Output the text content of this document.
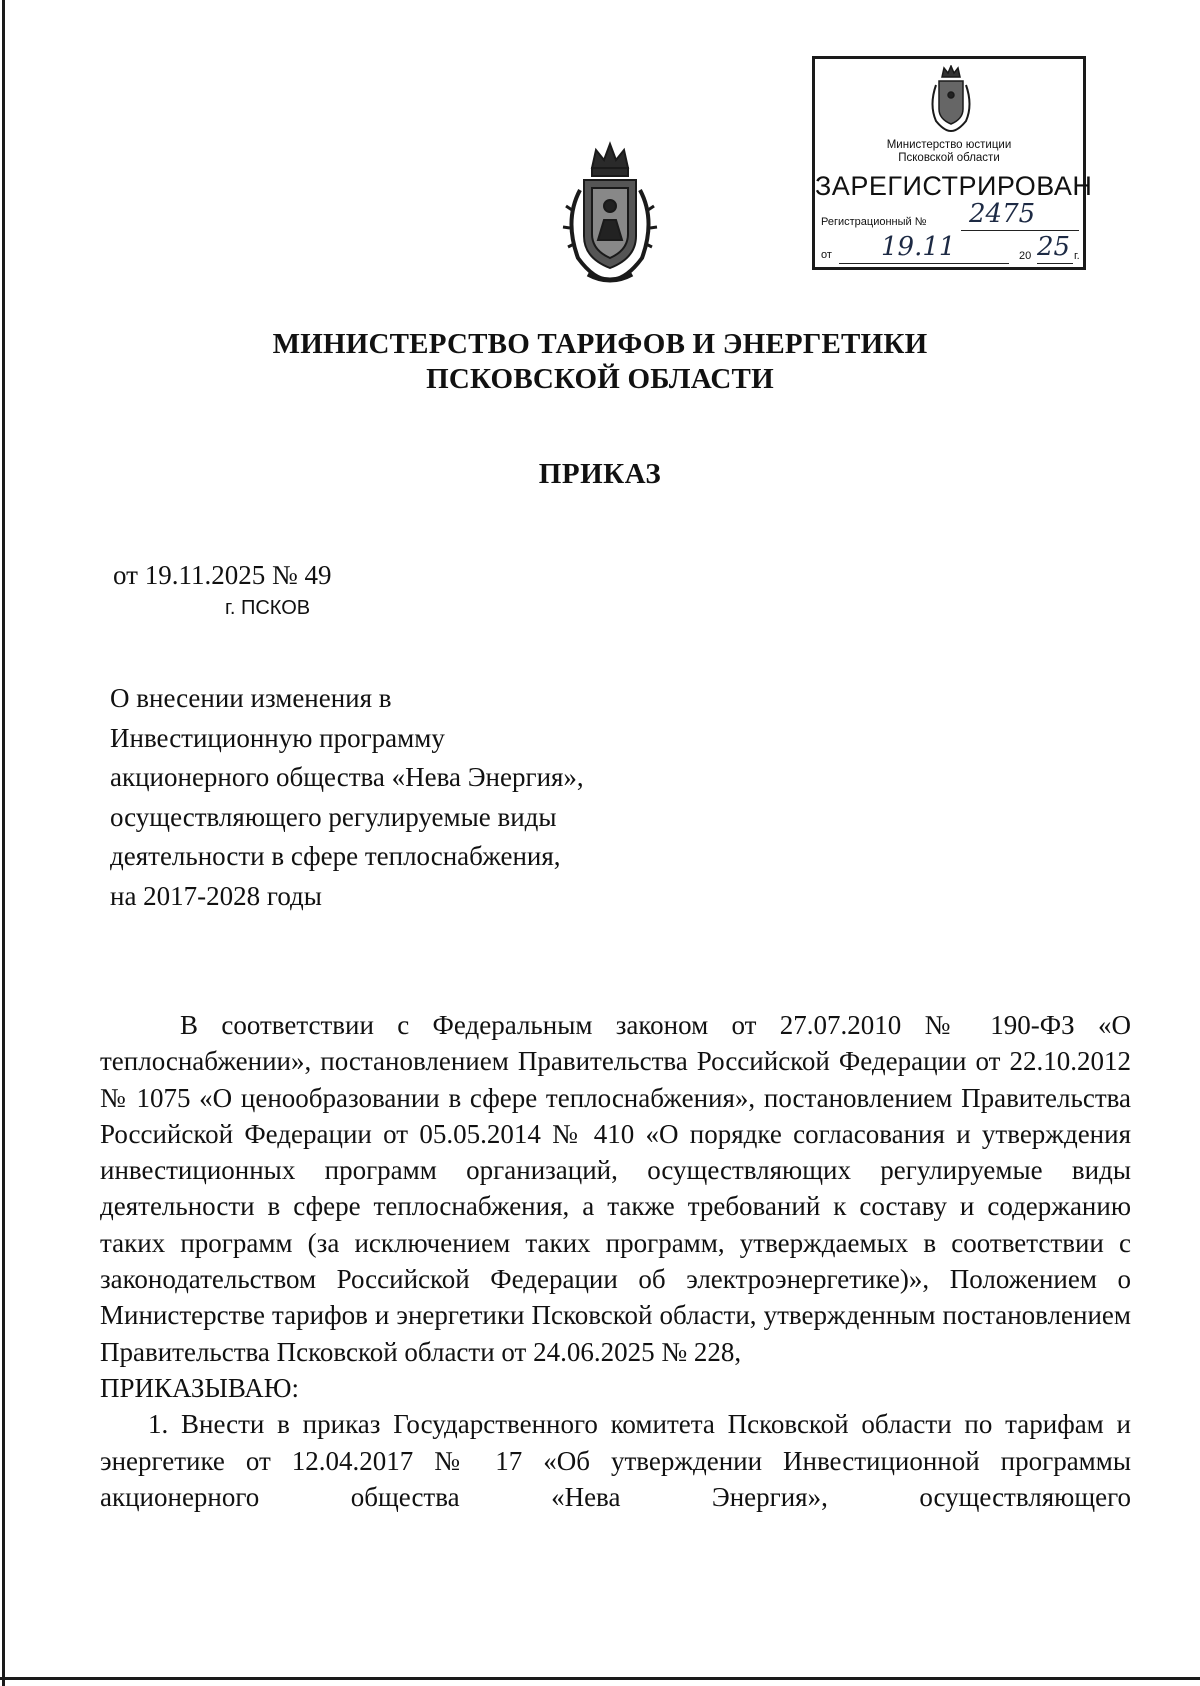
Министерство юстиции
Псковской области
ЗАРЕГИСТРИРОВАН
Регистрационный № 2475
от 19.11	20 25 г.
МИНИСТЕРСТВО ТАРИФОВ И ЭНЕРГЕТИКИ
ПСКОВСКОЙ ОБЛАСТИ
ПРИКАЗ
от 19.11.2025 № 49
г. ПСКОВ
О внесении изменения в
Инвестиционную программу
акционерного общества «Нева Энергия»,
осуществляющего регулируемые виды
деятельности в сфере теплоснабжения,
на 2017-2028 годы

В соответствии с Федеральным законом от 27.07.2010 № 190-ФЗ «О теплоснабжении», постановлением Правительства Российской Федерации от 22.10.2012 № 1075 «О ценообразовании в сфере теплоснабжения», постановлением Правительства Российской Федерации от 05.05.2014 № 410 «О порядке согласования и утверждения инвестиционных программ организаций, осуществляющих регулируемые виды деятельности в сфере теплоснабжения, а также требований к составу и содержанию таких программ (за исключением таких программ, утверждаемых в соответствии с законодательством Российской Федерации об электроэнергетике)», Положением о Министерстве тарифов и энергетики Псковской области, утвержденным постановлением Правительства Псковской области от 24.06.2025 № 228,

ПРИКАЗЫВАЮ:

1. Внести в приказ Государственного комитета Псковской области по тарифам и энергетике от 12.04.2017 № 17 «Об утверждении Инвестиционной программы акционерного общества «Нева Энергия», осуществляющего
